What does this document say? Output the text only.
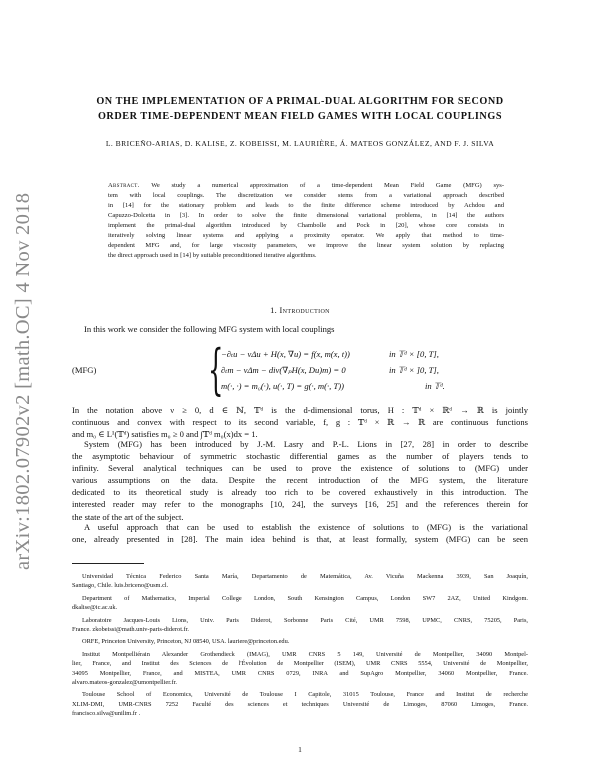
arXiv:1802.07902v2 [math.OC] 4 Nov 2018
ON THE IMPLEMENTATION OF A PRIMAL-DUAL ALGORITHM FOR SECOND
ORDER TIME-DEPENDENT MEAN FIELD GAMES WITH LOCAL COUPLINGS
L. BRICEÑO-ARIAS, D. KALISE, Z. KOBEISSI, M. LAURIÈRE, Á. MATEOS GONZÁLEZ, AND F. J. SILVA
Abstract. We study a numerical approximation of a time-dependent Mean Field Game (MFG) sys-
tem with local couplings. The discretization we consider stems from a variational approach described
in [14] for the stationary problem and leads to the finite difference scheme introduced by Achdou and
Capuzzo-Dolcetta in [3]. In order to solve the finite dimensional variational problems, in [14] the authors
implement the primal-dual algorithm introduced by Chambolle and Pock in [20], whose core consists in
iteratively solving linear systems and applying a proximity operator. We apply that method to time-
dependent MFG and, for large viscosity parameters, we improve the linear system solution by replacing
the direct approach used in [14] by suitable preconditioned iterative algorithms.
1. Introduction
In this work we consider the following MFG system with local couplings
(MFG) {
−∂ₜu − νΔu + H(x, ∇u) = f(x, m(x, t))
∂ₜm − νΔm − div(∇ₚH(x, Du)m) = 0
m(·, ·) = m₀(·), u(·, T) = g(·, m(·, T))
in 𝕋ᵈ × [0, T],
in 𝕋ᵈ × ]0, T],
in 𝕋ᵈ.
In the notation above ν ≥ 0, d ∈ ℕ, 𝕋ᵈ is the d-dimensional torus, H : 𝕋ᵈ × ℝᵈ → ℝ is jointly
continuous and convex with respect to its second variable, f, g : 𝕋ᵈ × ℝ → ℝ are continuous functions
and m₀ ∈ L¹(𝕋ᵈ) satisfies m₀ ≥ 0 and ∫𝕋ᵈ m₀(x)dx = 1.
System (MFG) has been introduced by J.-M. Lasry and P.-L. Lions in [27, 28] in order to describe
the asymptotic behaviour of symmetric stochastic differential games as the number of players tends to
infinity. Several analytical techniques can be used to prove the existence of solutions to (MFG) under
various assumptions on the data. Despite the recent introduction of the MFG system, the literature
dedicated to its theoretical study is already too rich to be covered exhaustively in this introduction. The
interested reader may refer to the monographs [10, 24], the surveys [16, 25] and the references therein for
the state of the art of the subject.
A useful approach that can be used to establish the existence of solutions to (MFG) is the variational
one, already presented in [28]. The main idea behind is that, at least formally, system (MFG) can be seen
Universidad Técnica Federico Santa María, Departamento de Matemática, Av. Vicuña Mackenna 3939, San Joaquín,
Santiago, Chile. luis.briceno@usm.cl.
Department of Mathematics, Imperial College London, South Kensington Campus, London SW7 2AZ, United Kindgom.
dkalise@ic.ac.uk.
Laboratoire Jacques-Louis Lions, Univ. Paris Diderot, Sorbonne Paris Cité, UMR 7598, UPMC, CNRS, 75205, Paris,
France. zkobeissi@math.univ-paris-diderot.fr.
ORFE, Princeton University, Princeton, NJ 08540, USA. lauriere@princeton.edu.
Institut Montpelliérain Alexander Grothendieck (IMAG), UMR CNRS 5 149, Université de Montpellier, 34090 Montpel-
lier, France, and Institut des Sciences de l'Évolution de Montpellier (ISEM), UMR CNRS 5554, Université de Montpellier,
34095 Montpellier, France, and MISTEA, UMR CNRS 0729, INRA and SupAgro Montpellier, 34060 Montpellier, France.
alvaro.mateos-gonzalez@umontpellier.fr.
Toulouse School of Economics, Université de Toulouse I Capitole, 31015 Toulouse, France and Institut de recherche
XLIM-DMI, UMR-CNRS 7252 Faculté des sciences et techniques Université de Limoges, 87060 Limoges, France.
francisco.silva@unilim.fr .
1
